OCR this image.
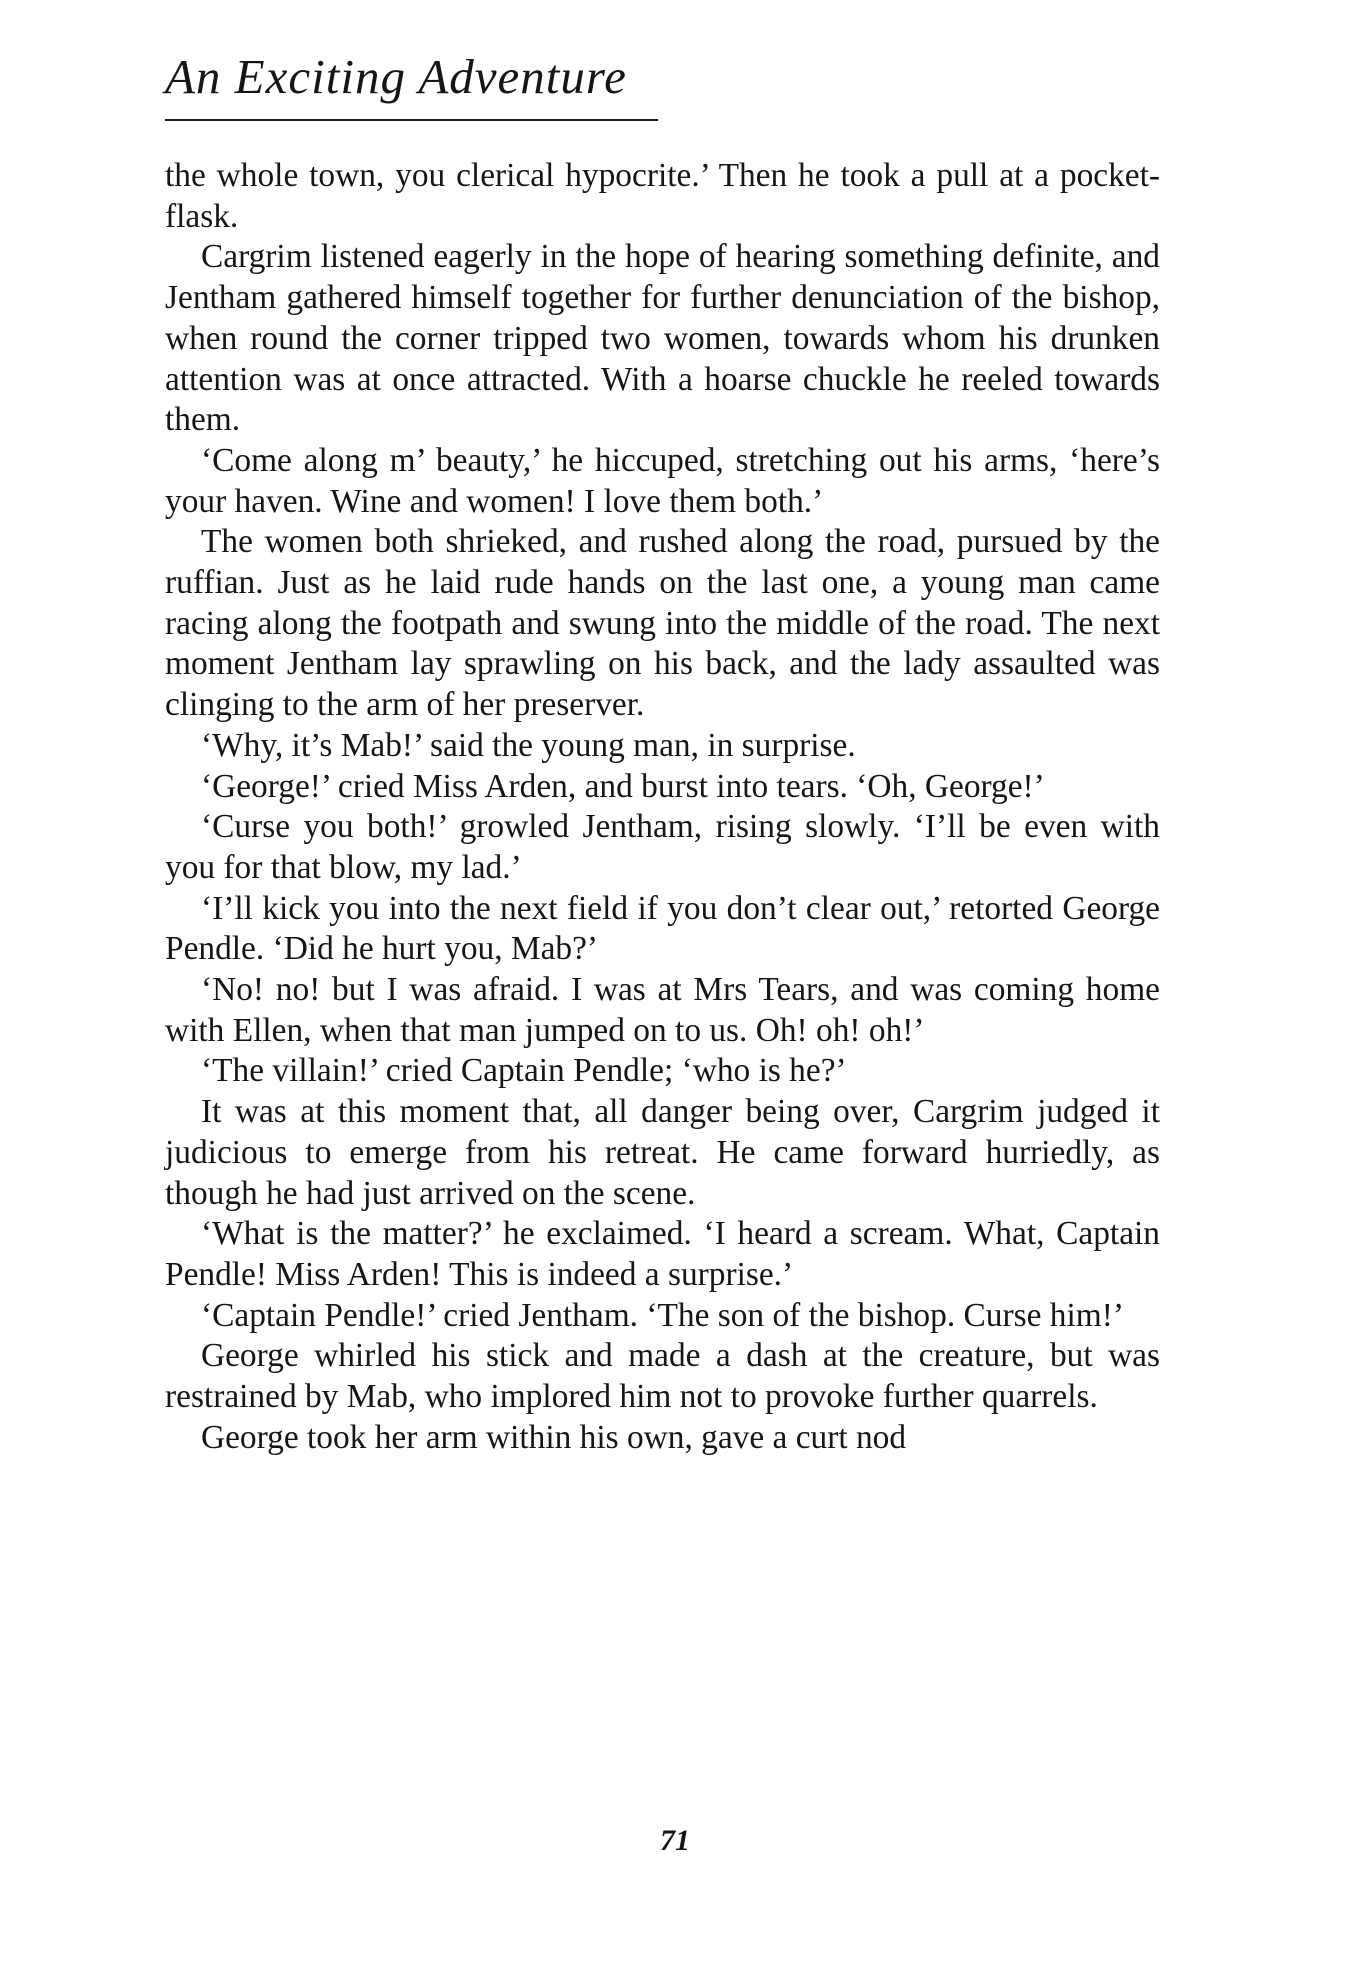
An Exciting Adventure

the whole town, you clerical hypocrite.’ Then he took a pull at a pocket-flask.

Cargrim listened eagerly in the hope of hearing something definite, and Jentham gathered himself together for further denunciation of the bishop, when round the corner tripped two women, towards whom his drunken attention was at once attracted. With a hoarse chuckle he reeled towards them.

‘Come along m’ beauty,’ he hiccuped, stretching out his arms, ‘here’s your haven. Wine and women! I love them both.’

The women both shrieked, and rushed along the road, pursued by the ruffian. Just as he laid rude hands on the last one, a young man came racing along the footpath and swung into the middle of the road. The next moment Jentham lay sprawling on his back, and the lady assaulted was clinging to the arm of her preserver.

‘Why, it’s Mab!’ said the young man, in surprise.

‘George!’ cried Miss Arden, and burst into tears. ‘Oh, George!’

‘Curse you both!’ growled Jentham, rising slowly. ‘I’ll be even with you for that blow, my lad.’

‘I’ll kick you into the next field if you don’t clear out,’ retorted George Pendle. ‘Did he hurt you, Mab?’

‘No! no! but I was afraid. I was at Mrs Tears, and was coming home with Ellen, when that man jumped on to us. Oh! oh! oh!’

‘The villain!’ cried Captain Pendle; ‘who is he?’

It was at this moment that, all danger being over, Cargrim judged it judicious to emerge from his retreat. He came forward hurriedly, as though he had just arrived on the scene.

‘What is the matter?’ he exclaimed. ‘I heard a scream. What, Captain Pendle! Miss Arden! This is indeed a surprise.’

‘Captain Pendle!’ cried Jentham. ‘The son of the bishop. Curse him!’

George whirled his stick and made a dash at the creature, but was restrained by Mab, who implored him not to provoke further quarrels.

George took her arm within his own, gave a curt nod

71
